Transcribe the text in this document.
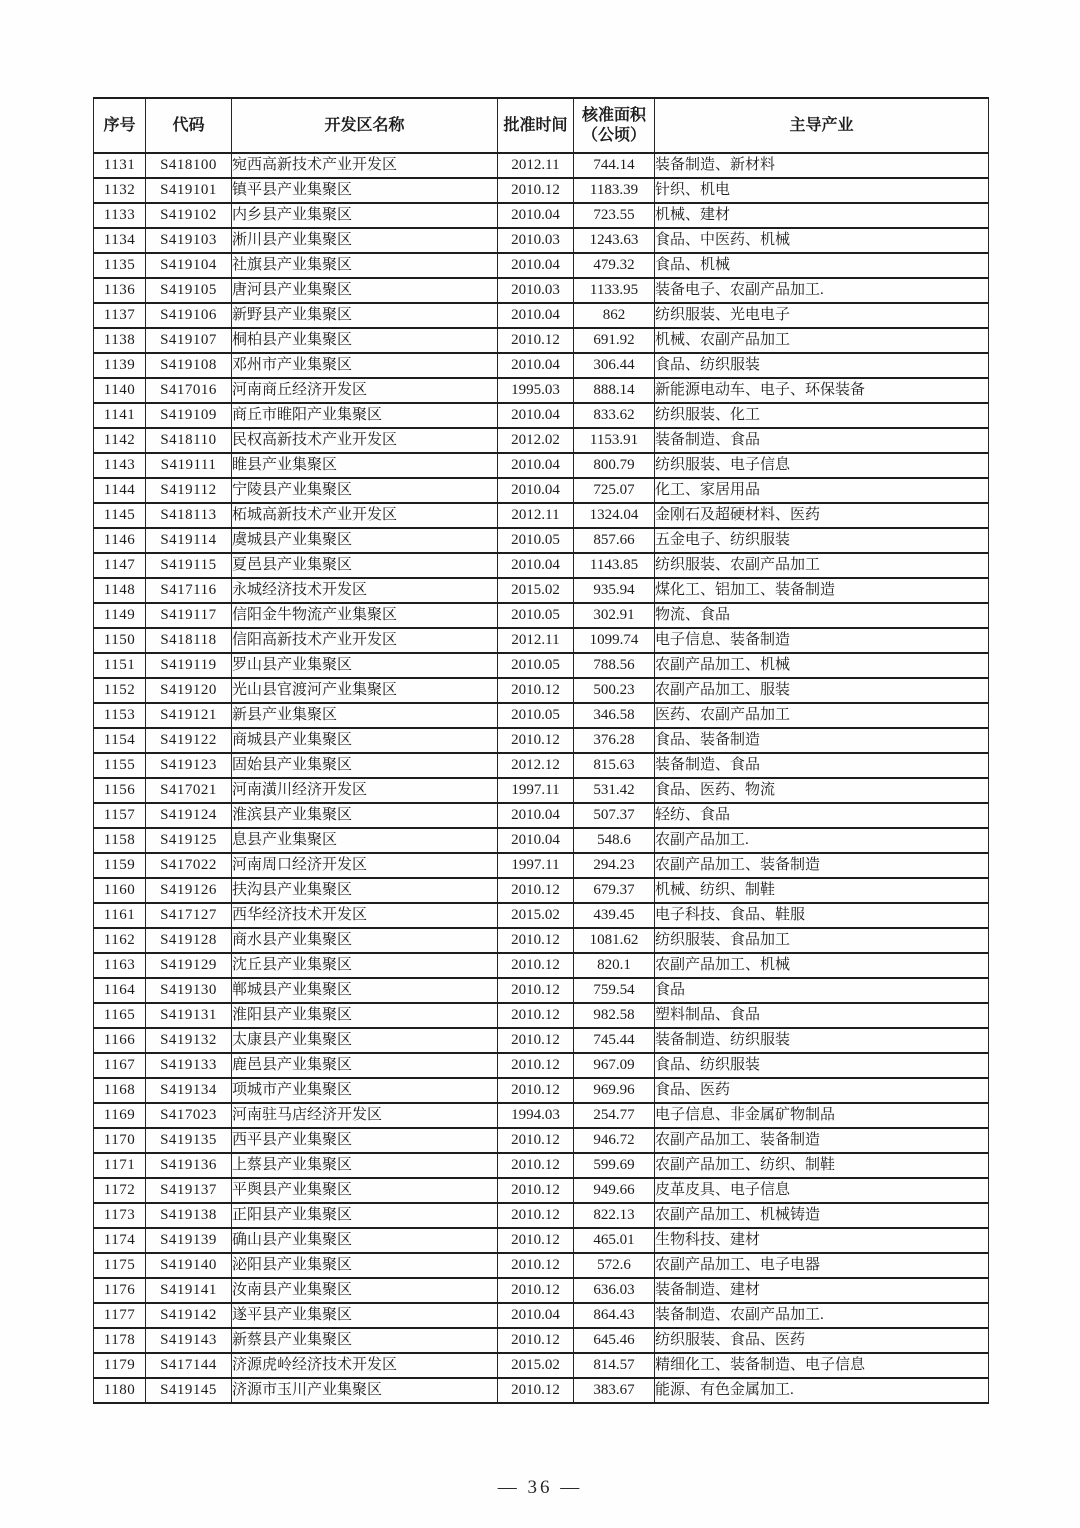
序号	代码	开发区名称	批准时间	核准面积
（公顷）	主导产业
1131	S418100	宛西高新技术产业开发区	2012.11	744.14	装备制造、新材料
1132	S419101	镇平县产业集聚区	2010.12	1183.39	针织、机电
1133	S419102	内乡县产业集聚区	2010.04	723.55	机械、建材
1134	S419103	淅川县产业集聚区	2010.03	1243.63	食品、中医药、机械
1135	S419104	社旗县产业集聚区	2010.04	479.32	食品、机械
1136	S419105	唐河县产业集聚区	2010.03	1133.95	装备电子、农副产品加工.
1137	S419106	新野县产业集聚区	2010.04	862	纺织服装、光电电子
1138	S419107	桐柏县产业集聚区	2010.12	691.92	机械、农副产品加工
1139	S419108	邓州市产业集聚区	2010.04	306.44	食品、纺织服装
1140	S417016	河南商丘经济开发区	1995.03	888.14	新能源电动车、电子、环保装备
1141	S419109	商丘市睢阳产业集聚区	2010.04	833.62	纺织服装、化工
1142	S418110	民权高新技术产业开发区	2012.02	1153.91	装备制造、食品
1143	S419111	睢县产业集聚区	2010.04	800.79	纺织服装、电子信息
1144	S419112	宁陵县产业集聚区	2010.04	725.07	化工、家居用品
1145	S418113	柘城高新技术产业开发区	2012.11	1324.04	金刚石及超硬材料、医药
1146	S419114	虞城县产业集聚区	2010.05	857.66	五金电子、纺织服装
1147	S419115	夏邑县产业集聚区	2010.04	1143.85	纺织服装、农副产品加工
1148	S417116	永城经济技术开发区	2015.02	935.94	煤化工、铝加工、装备制造
1149	S419117	信阳金牛物流产业集聚区	2010.05	302.91	物流、食品
1150	S418118	信阳高新技术产业开发区	2012.11	1099.74	电子信息、装备制造
1151	S419119	罗山县产业集聚区	2010.05	788.56	农副产品加工、机械
1152	S419120	光山县官渡河产业集聚区	2010.12	500.23	农副产品加工、服装
1153	S419121	新县产业集聚区	2010.05	346.58	医药、农副产品加工
1154	S419122	商城县产业集聚区	2010.12	376.28	食品、装备制造
1155	S419123	固始县产业集聚区	2012.12	815.63	装备制造、食品
1156	S417021	河南潢川经济开发区	1997.11	531.42	食品、医药、物流
1157	S419124	淮滨县产业集聚区	2010.04	507.37	轻纺、食品
1158	S419125	息县产业集聚区	2010.04	548.6	农副产品加工.
1159	S417022	河南周口经济开发区	1997.11	294.23	农副产品加工、装备制造
1160	S419126	扶沟县产业集聚区	2010.12	679.37	机械、纺织、制鞋
1161	S417127	西华经济技术开发区	2015.02	439.45	电子科技、食品、鞋服
1162	S419128	商水县产业集聚区	2010.12	1081.62	纺织服装、食品加工
1163	S419129	沈丘县产业集聚区	2010.12	820.1	农副产品加工、机械
1164	S419130	郸城县产业集聚区	2010.12	759.54	食品
1165	S419131	淮阳县产业集聚区	2010.12	982.58	塑料制品、食品
1166	S419132	太康县产业集聚区	2010.12	745.44	装备制造、纺织服装
1167	S419133	鹿邑县产业集聚区	2010.12	967.09	食品、纺织服装
1168	S419134	项城市产业集聚区	2010.12	969.96	食品、医药
1169	S417023	河南驻马店经济开发区	1994.03	254.77	电子信息、非金属矿物制品
1170	S419135	西平县产业集聚区	2010.12	946.72	农副产品加工、装备制造
1171	S419136	上蔡县产业集聚区	2010.12	599.69	农副产品加工、纺织、制鞋
1172	S419137	平舆县产业集聚区	2010.12	949.66	皮革皮具、电子信息
1173	S419138	正阳县产业集聚区	2010.12	822.13	农副产品加工、机械铸造
1174	S419139	确山县产业集聚区	2010.12	465.01	生物科技、建材
1175	S419140	泌阳县产业集聚区	2010.12	572.6	农副产品加工、电子电器
1176	S419141	汝南县产业集聚区	2010.12	636.03	装备制造、建材
1177	S419142	遂平县产业集聚区	2010.04	864.43	装备制造、农副产品加工.
1178	S419143	新蔡县产业集聚区	2010.12	645.46	纺织服装、食品、医药
1179	S417144	济源虎岭经济技术开发区	2015.02	814.57	精细化工、装备制造、电子信息
1180	S419145	济源市玉川产业集聚区	2010.12	383.67	能源、有色金属加工.
— 36 —
